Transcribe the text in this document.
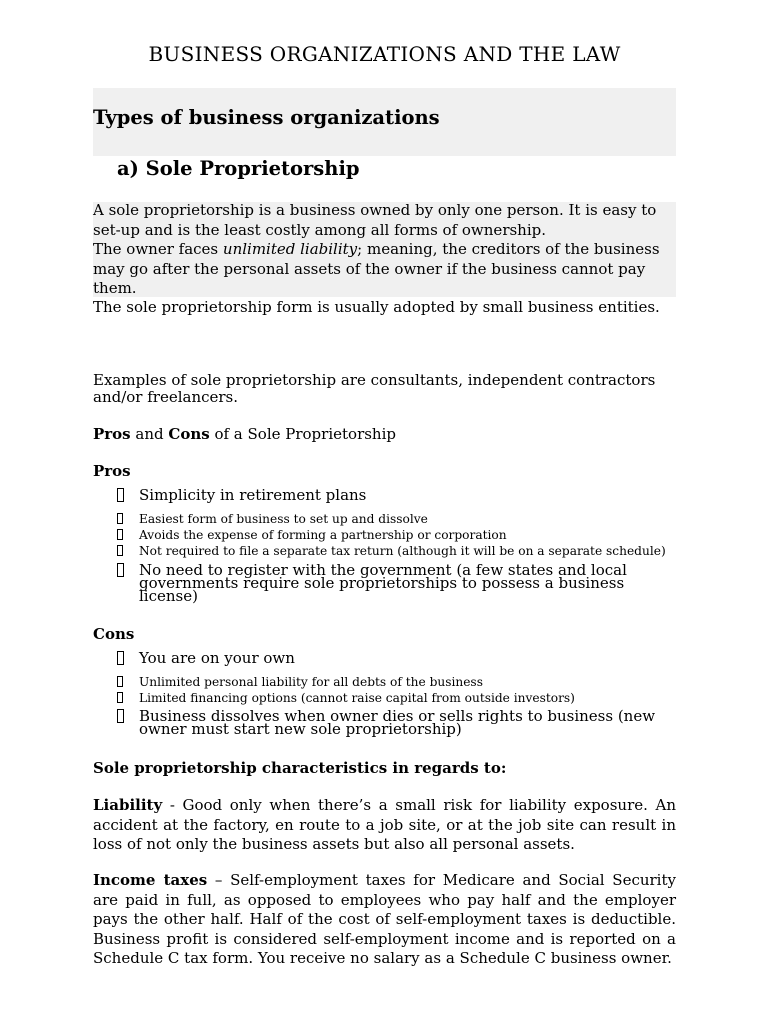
BUSINESS ORGANIZATIONS AND THE LAW
Types of business organizations
a) Sole Proprietorship
A sole proprietorship is a business owned by only one person. It is easy to set-up and is the least costly among all forms of ownership.
The owner faces unlimited liability; meaning, the creditors of the business may go after the personal assets of the owner if the business cannot pay them.
The sole proprietorship form is usually adopted by small business entities.
Examples of sole proprietorship are consultants, independent contractors and/or freelancers.
Pros and Cons of a Sole Proprietorship
Pros
Simplicity in retirement plans
Easiest form of business to set up and dissolve
Avoids the expense of forming a partnership or corporation
Not required to file a separate tax return (although it will be on a separate schedule)
No need to register with the government (a few states and local governments require sole proprietorships to possess a business license)
Cons
You are on your own
Unlimited personal liability for all debts of the business
Limited financing options (cannot raise capital from outside investors)
Business dissolves when owner dies or sells rights to business (new owner must start new sole proprietorship)
Sole proprietorship characteristics in regards to:
Liability - Good only when there’s a small risk for liability exposure. An accident at the factory, en route to a job site, or at the job site can result in loss of not only the business assets but also all personal assets.
Income taxes – Self-employment taxes for Medicare and Social Security are paid in full, as opposed to employees who pay half and the employer pays the other half. Half of the cost of self-employment taxes is deductible. Business profit is considered self-employment income and is reported on a Schedule C tax form. You receive no salary as a Schedule C business owner.
